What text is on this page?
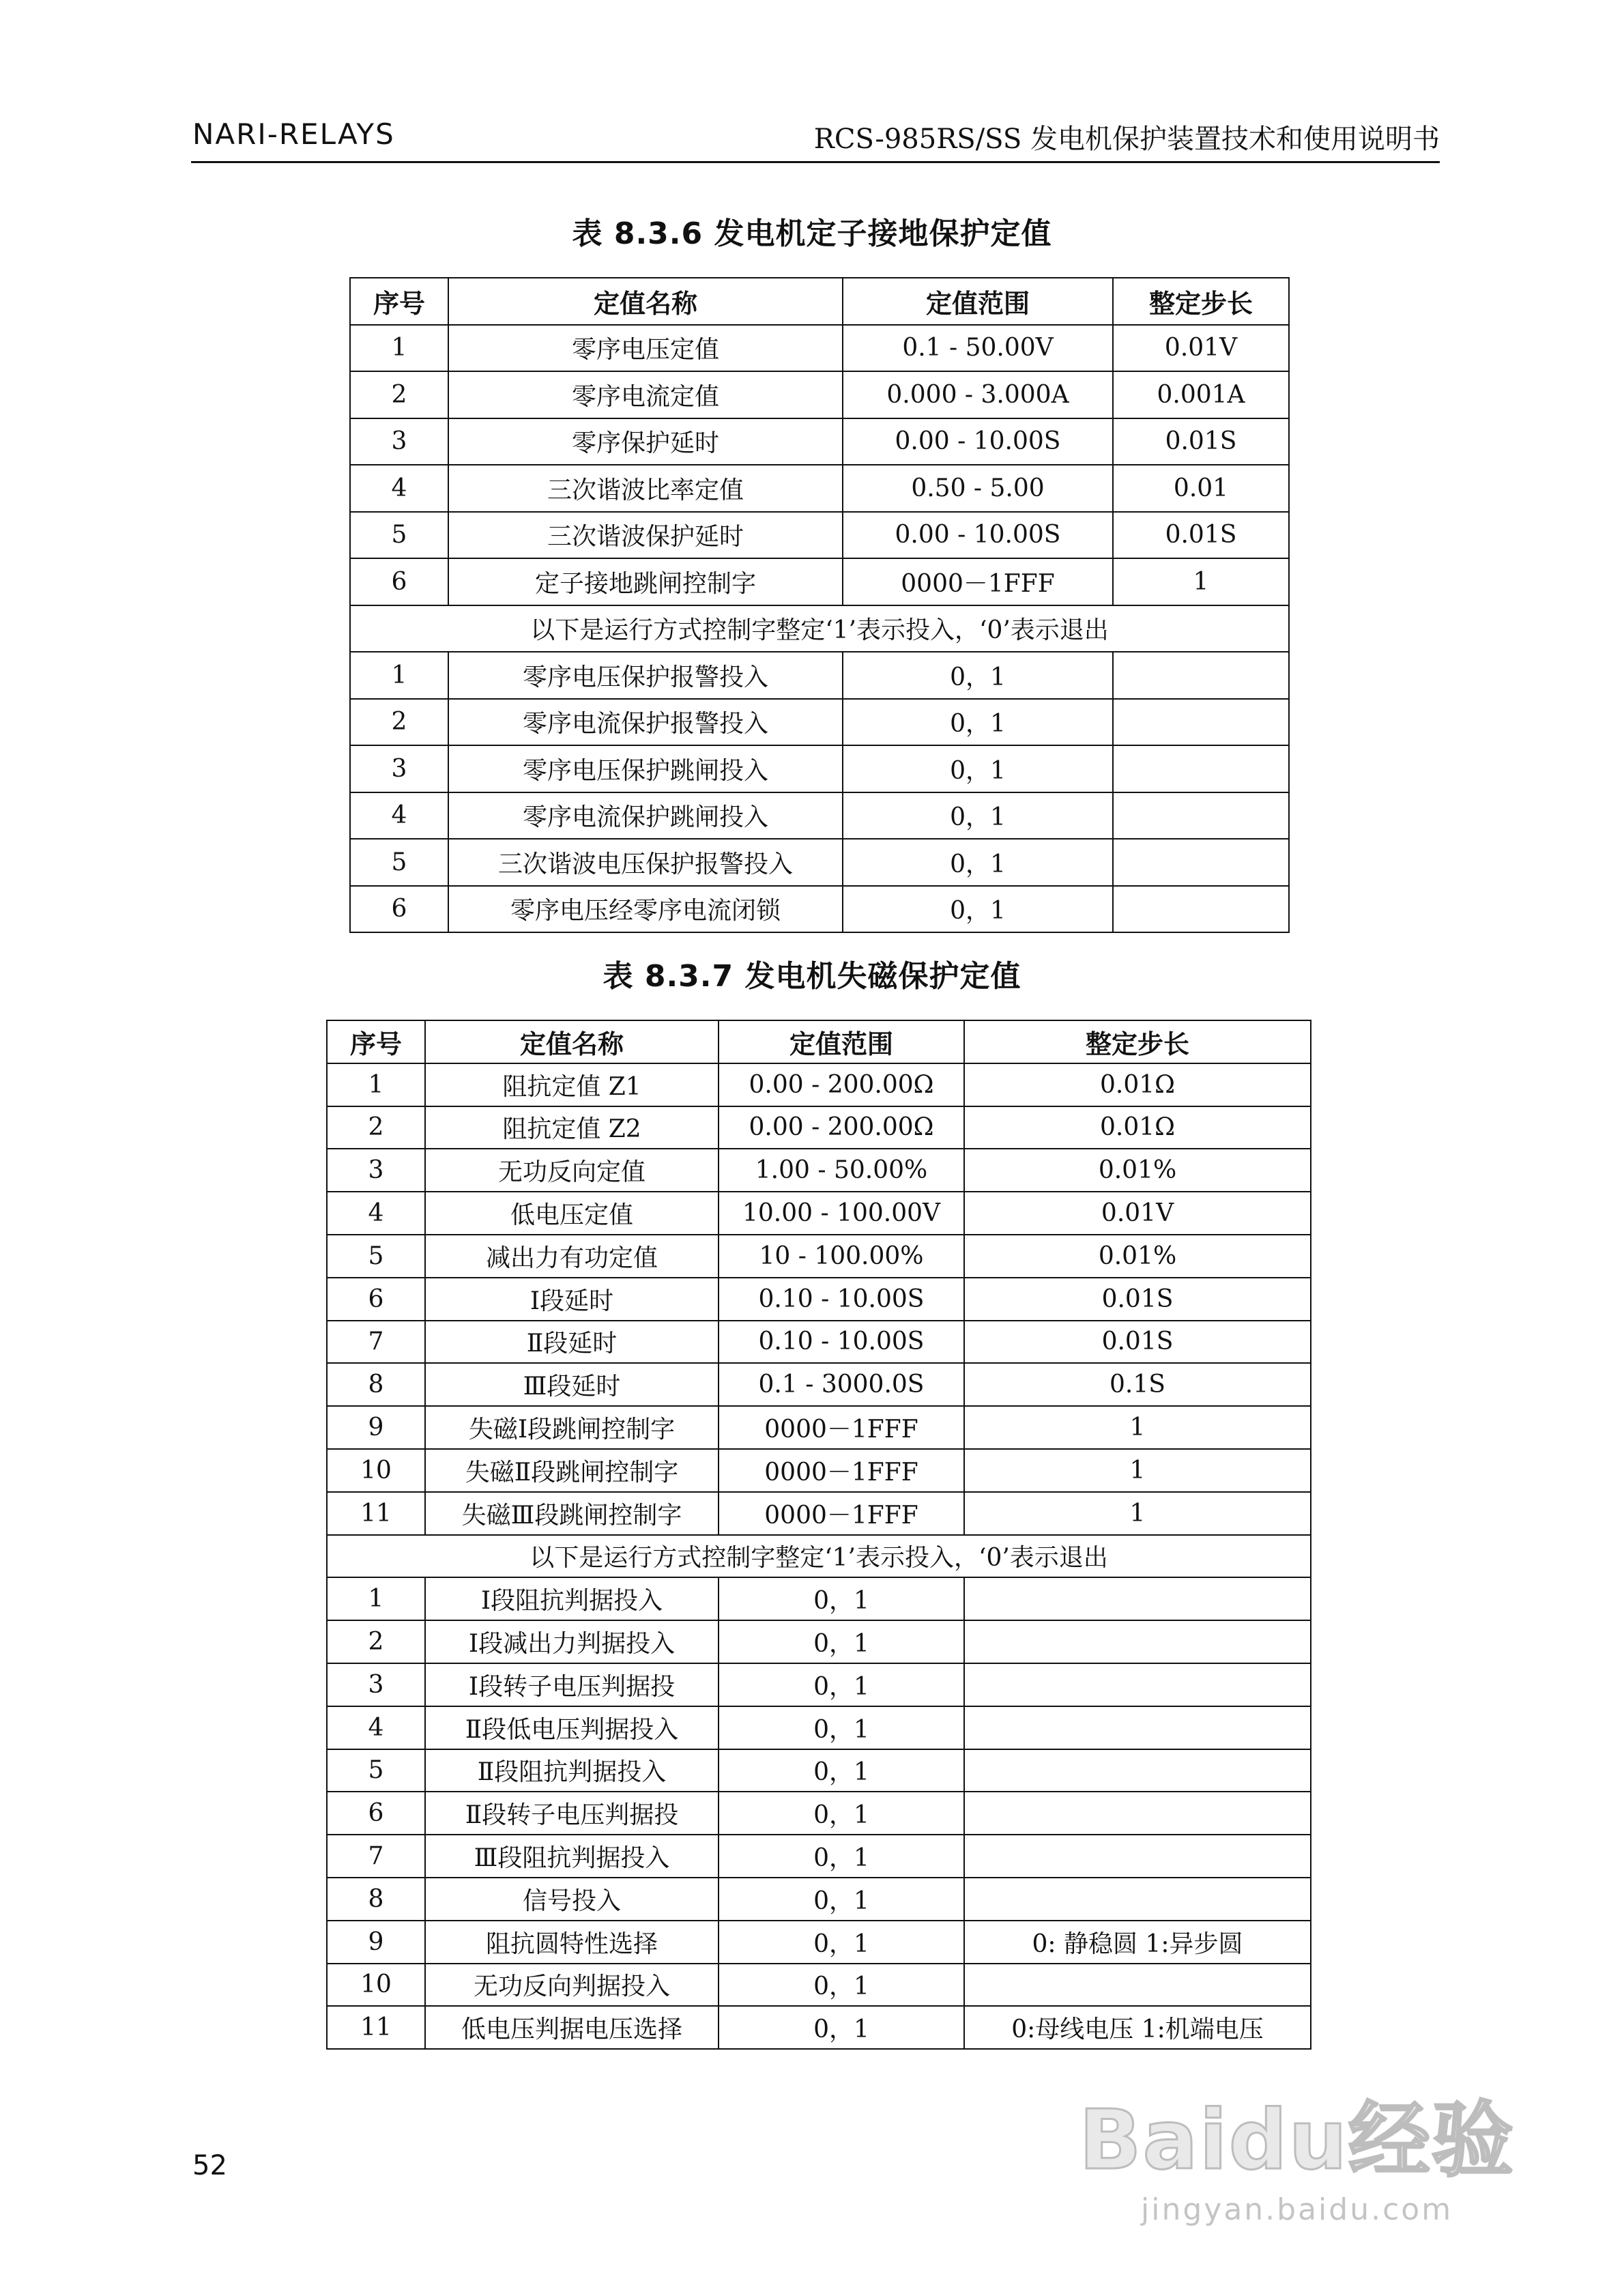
NARI-RELAYS	RCS-985RS/SS 发电机保护装置技术和使用说明书
表 8.3.6 发电机定子接地保护定值
序号	定值名称	定值范围	整定步长
1	零序电压定值	0.1 - 50.00V	0.01V
2	零序电流定值	0.000 - 3.000A	0.001A
3	零序保护延时	0.00 - 10.00S	0.01S
4	三次谐波比率定值	0.50 - 5.00	0.01
5	三次谐波保护延时	0.00 - 10.00S	0.01S
6	定子接地跳闸控制字	0000－1FFF	1
以下是运行方式控制字整定‘1’表示投入，‘0’表示退出			
1	零序电压保护报警投入	0，1	
2	零序电流保护报警投入	0，1	
3	零序电压保护跳闸投入	0，1	
4	零序电流保护跳闸投入	0，1	
5	三次谐波电压保护报警投入	0，1	
6	零序电压经零序电流闭锁	0，1	
表 8.3.7 发电机失磁保护定值
序号	定值名称	定值范围	整定步长
1	阻抗定值 Z1	0.00 - 200.00Ω	0.01Ω
2	阻抗定值 Z2	0.00 - 200.00Ω	0.01Ω
3	无功反向定值	1.00 - 50.00%	0.01%
4	低电压定值	10.00 - 100.00V	0.01V
5	减出力有功定值	10 - 100.00%	0.01%
6	Ⅰ段延时	0.10 - 10.00S	0.01S
7	Ⅱ段延时	0.10 - 10.00S	0.01S
8	Ⅲ段延时	0.1 - 3000.0S	0.1S
9	失磁Ⅰ段跳闸控制字	0000－1FFF	1
10	失磁Ⅱ段跳闸控制字	0000－1FFF	1
11	失磁Ⅲ段跳闸控制字	0000－1FFF	1
以下是运行方式控制字整定‘1’表示投入，‘0’表示退出			
1	Ⅰ段阻抗判据投入	0，1	
2	Ⅰ段减出力判据投入	0，1	
3	Ⅰ段转子电压判据投	0，1	
4	Ⅱ段低电压判据投入	0，1	
5	Ⅱ段阻抗判据投入	0，1	
6	Ⅱ段转子电压判据投	0，1	
7	Ⅲ段阻抗判据投入	0，1	
8	信号投入	0，1	
9	阻抗圆特性选择	0，1	0: 静稳圆 1:异步圆
10	无功反向判据投入	0，1	
11	低电压判据电压选择	0，1	0:母线电压 1:机端电压
52	Baidu经验
jingyan.baidu.com
